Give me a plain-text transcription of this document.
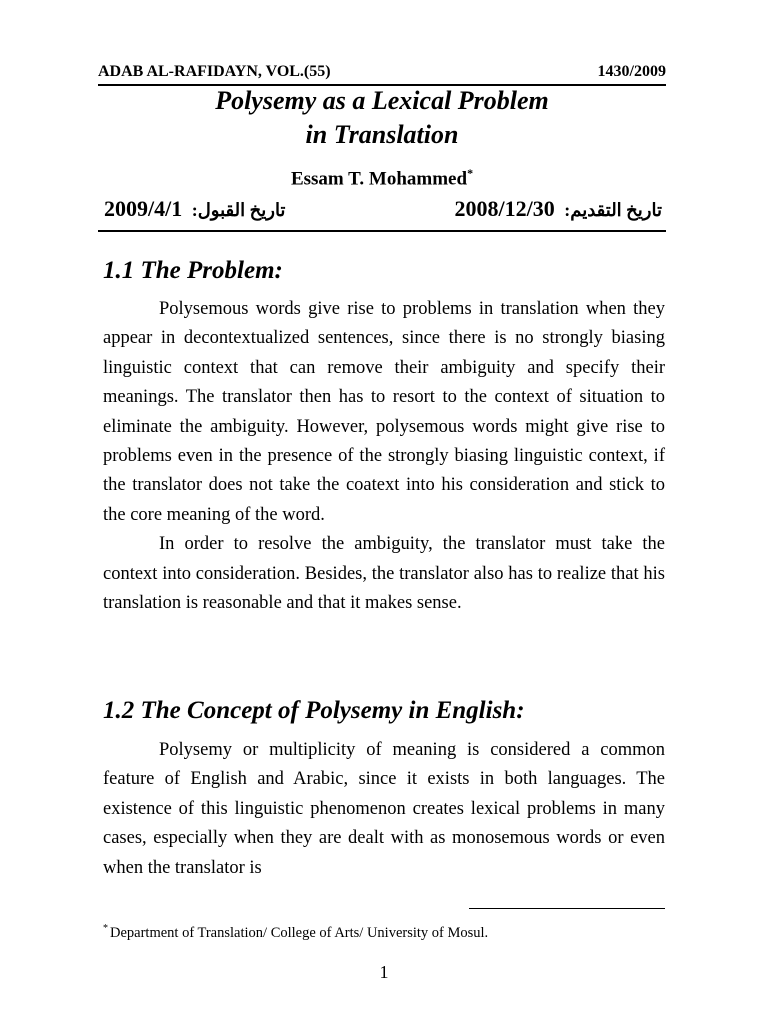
ADAB AL-RAFIDAYN, VOL.(55)	1430/2009
Polysemy as a Lexical Problem
in Translation
Essam T. Mohammed*
2009/4/1 تاريخ القبول:	2008/12/30 تاريخ التقديم:
1.1 The Problem:

Polysemous words give rise to problems in translation when they appear in decontextualized sentences, since there is no strongly biasing linguistic context that can remove their ambiguity and specify their meanings. The translator then has to resort to the context of situation to eliminate the ambiguity. However, polysemous words might give rise to problems even in the presence of the strongly biasing linguistic context, if the translator does not take the coatext into his consideration and stick to the core meaning of the word.

In order to resolve the ambiguity, the translator must take the context into consideration. Besides, the translator also has to realize that his translation is reasonable and that it makes sense.

1.2 The Concept of Polysemy in English:

Polysemy or multiplicity of meaning is considered a common feature of English and Arabic, since it exists in both languages. The existence of this linguistic phenomenon creates lexical problems in many cases, especially when they are dealt with as monosemous words or even when the translator is

* Department of Translation/ College of Arts/ University of Mosul.
1
